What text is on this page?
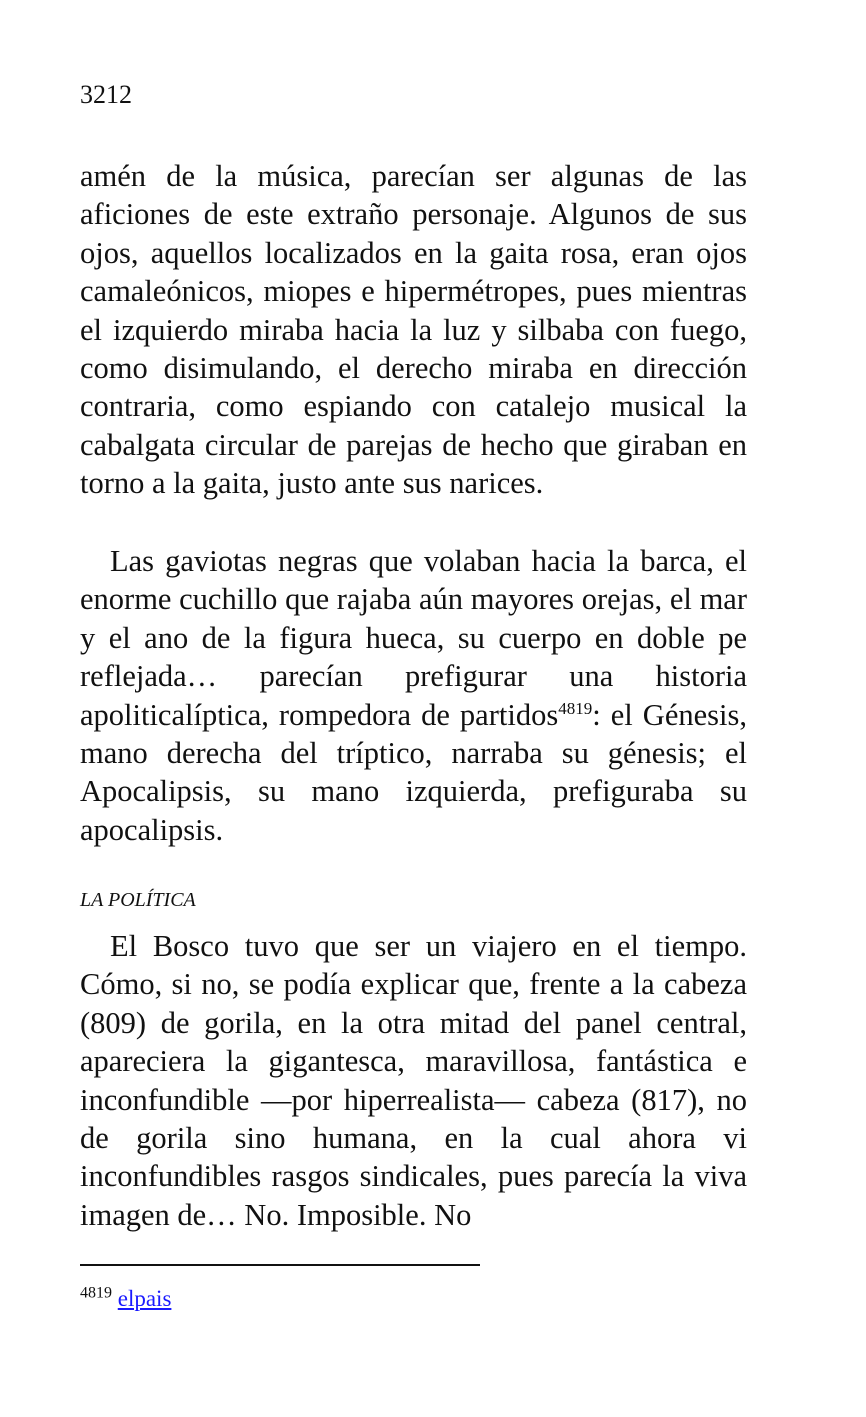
3212

amén de la música, parecían ser algunas de las aficiones de este extraño personaje. Algunos de sus ojos, aquellos localizados en la gaita rosa, eran ojos camaleónicos, miopes e hipermétropes, pues mientras el izquierdo miraba hacia la luz y silbaba con fuego, como disimulando, el derecho miraba en dirección contraria, como espiando con catalejo musical la cabalgata circular de parejas de hecho que giraban en torno a la gaita, justo ante sus narices.

Las gaviotas negras que volaban hacia la barca, el enorme cuchillo que rajaba aún mayores orejas, el mar y el ano de la figura hueca, su cuerpo en doble pe reflejada… parecían prefigurar una historia apoliticalíptica, rompedora de partidos$^{4819}$: el Génesis, mano derecha del tríptico, narraba su génesis; el Apocalipsis, su mano izquierda, prefiguraba su apocalipsis.

LA POLÍTICA

El Bosco tuvo que ser un viajero en el tiempo. Cómo, si no, se podía explicar que, frente a la cabeza (809) de gorila, en la otra mitad del panel central, apareciera la gigantesca, maravillosa, fantástica e inconfundible —por hiperrealista— cabeza (817), no de gorila sino humana, en la cual ahora vi inconfundibles rasgos sindicales, pues parecía la viva imagen de… No. Imposible. No

$^{4819}$ elpais
